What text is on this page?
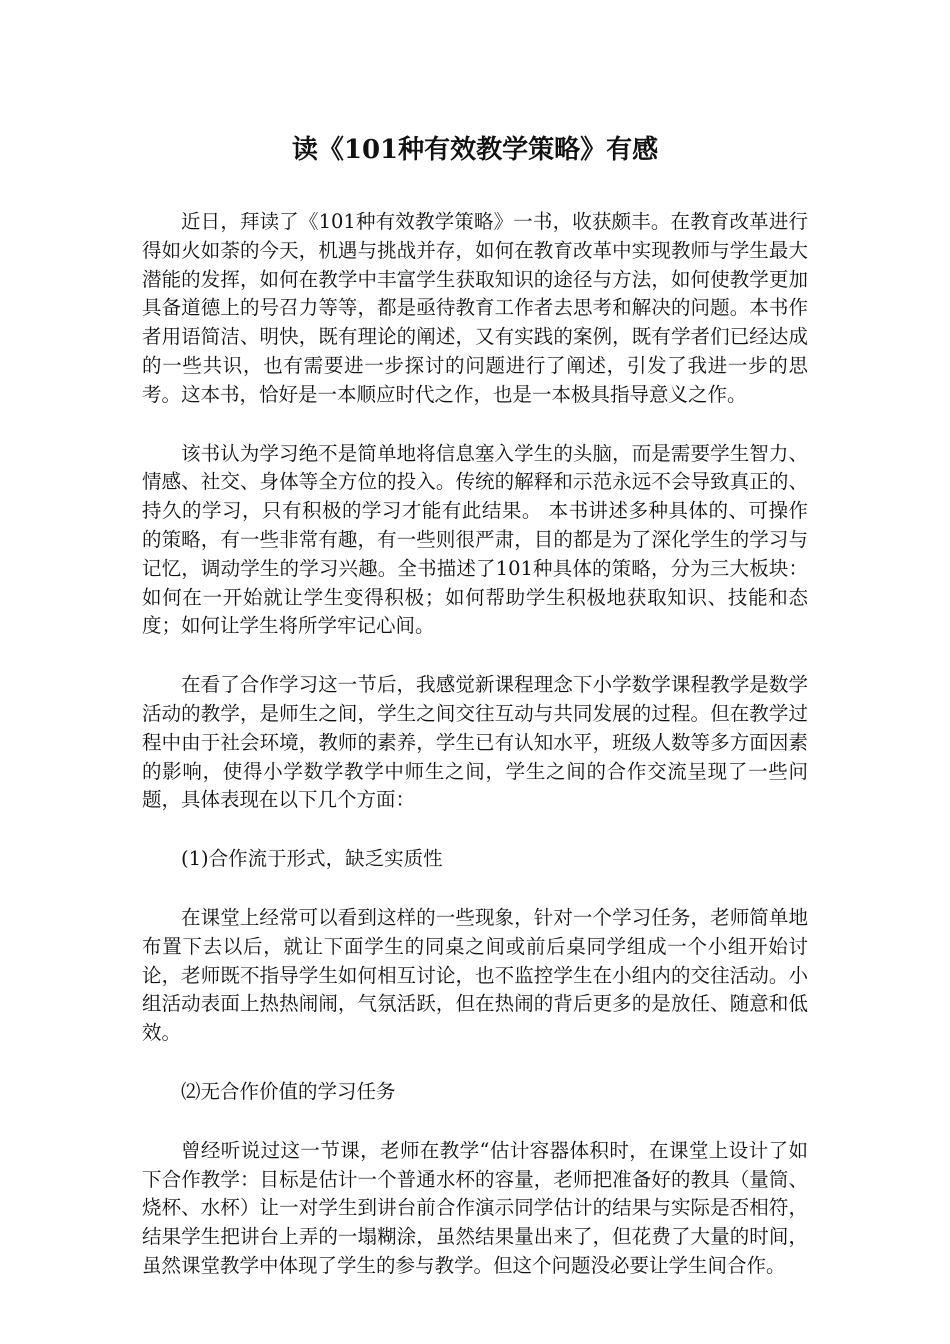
读《101种有效教学策略》有感

近日，拜读了《101种有效教学策略》一书，收获颇丰。在教育改革进行得如火如荼的今天，机遇与挑战并存，如何在教育改革中实现教师与学生最大潜能的发挥，如何在教学中丰富学生获取知识的途径与方法，如何使教学更加具备道德上的号召力等等，都是亟待教育工作者去思考和解决的问题。本书作者用语简洁、明快，既有理论的阐述，又有实践的案例，既有学者们已经达成的一些共识，也有需要进一步探讨的问题进行了阐述，引发了我进一步的思考。这本书，恰好是一本顺应时代之作，也是一本极具指导意义之作。

该书认为学习绝不是简单地将信息塞入学生的头脑，而是需要学生智力、情感、社交、身体等全方位的投入。传统的解释和示范永远不会导致真正的、持久的学习，只有积极的学习才能有此结果。 本书讲述多种具体的、可操作的策略，有一些非常有趣，有一些则很严肃，目的都是为了深化学生的学习与记忆，调动学生的学习兴趣。全书描述了101种具体的策略，分为三大板块：如何在一开始就让学生变得积极；如何帮助学生积极地获取知识、技能和态度；如何让学生将所学牢记心间。

在看了合作学习这一节后，我感觉新课程理念下小学数学课程教学是数学活动的教学，是师生之间，学生之间交往互动与共同发展的过程。但在教学过程中由于社会环境，教师的素养，学生已有认知水平，班级人数等多方面因素的影响，使得小学数学教学中师生之间，学生之间的合作交流呈现了一些问题，具体表现在以下几个方面：

(1)合作流于形式，缺乏实质性

在课堂上经常可以看到这样的一些现象，针对一个学习任务，老师简单地布置下去以后，就让下面学生的同桌之间或前后桌同学组成一个小组开始讨论，老师既不指导学生如何相互讨论，也不监控学生在小组内的交往活动。小组活动表面上热热闹闹，气氛活跃，但在热闹的背后更多的是放任、随意和低效。

⑵无合作价值的学习任务

曾经听说过这一节课，老师在教学“估计容器体积时，在课堂上设计了如下合作教学：目标是估计一个普通水杯的容量，老师把准备好的教具（量筒、烧杯、水杯）让一对学生到讲台前合作演示同学估计的结果与实际是否相符，结果学生把讲台上弄的一塌糊涂，虽然结果量出来了，但花费了大量的时间，虽然课堂教学中体现了学生的参与教学。但这个问题没必要让学生间合作。
